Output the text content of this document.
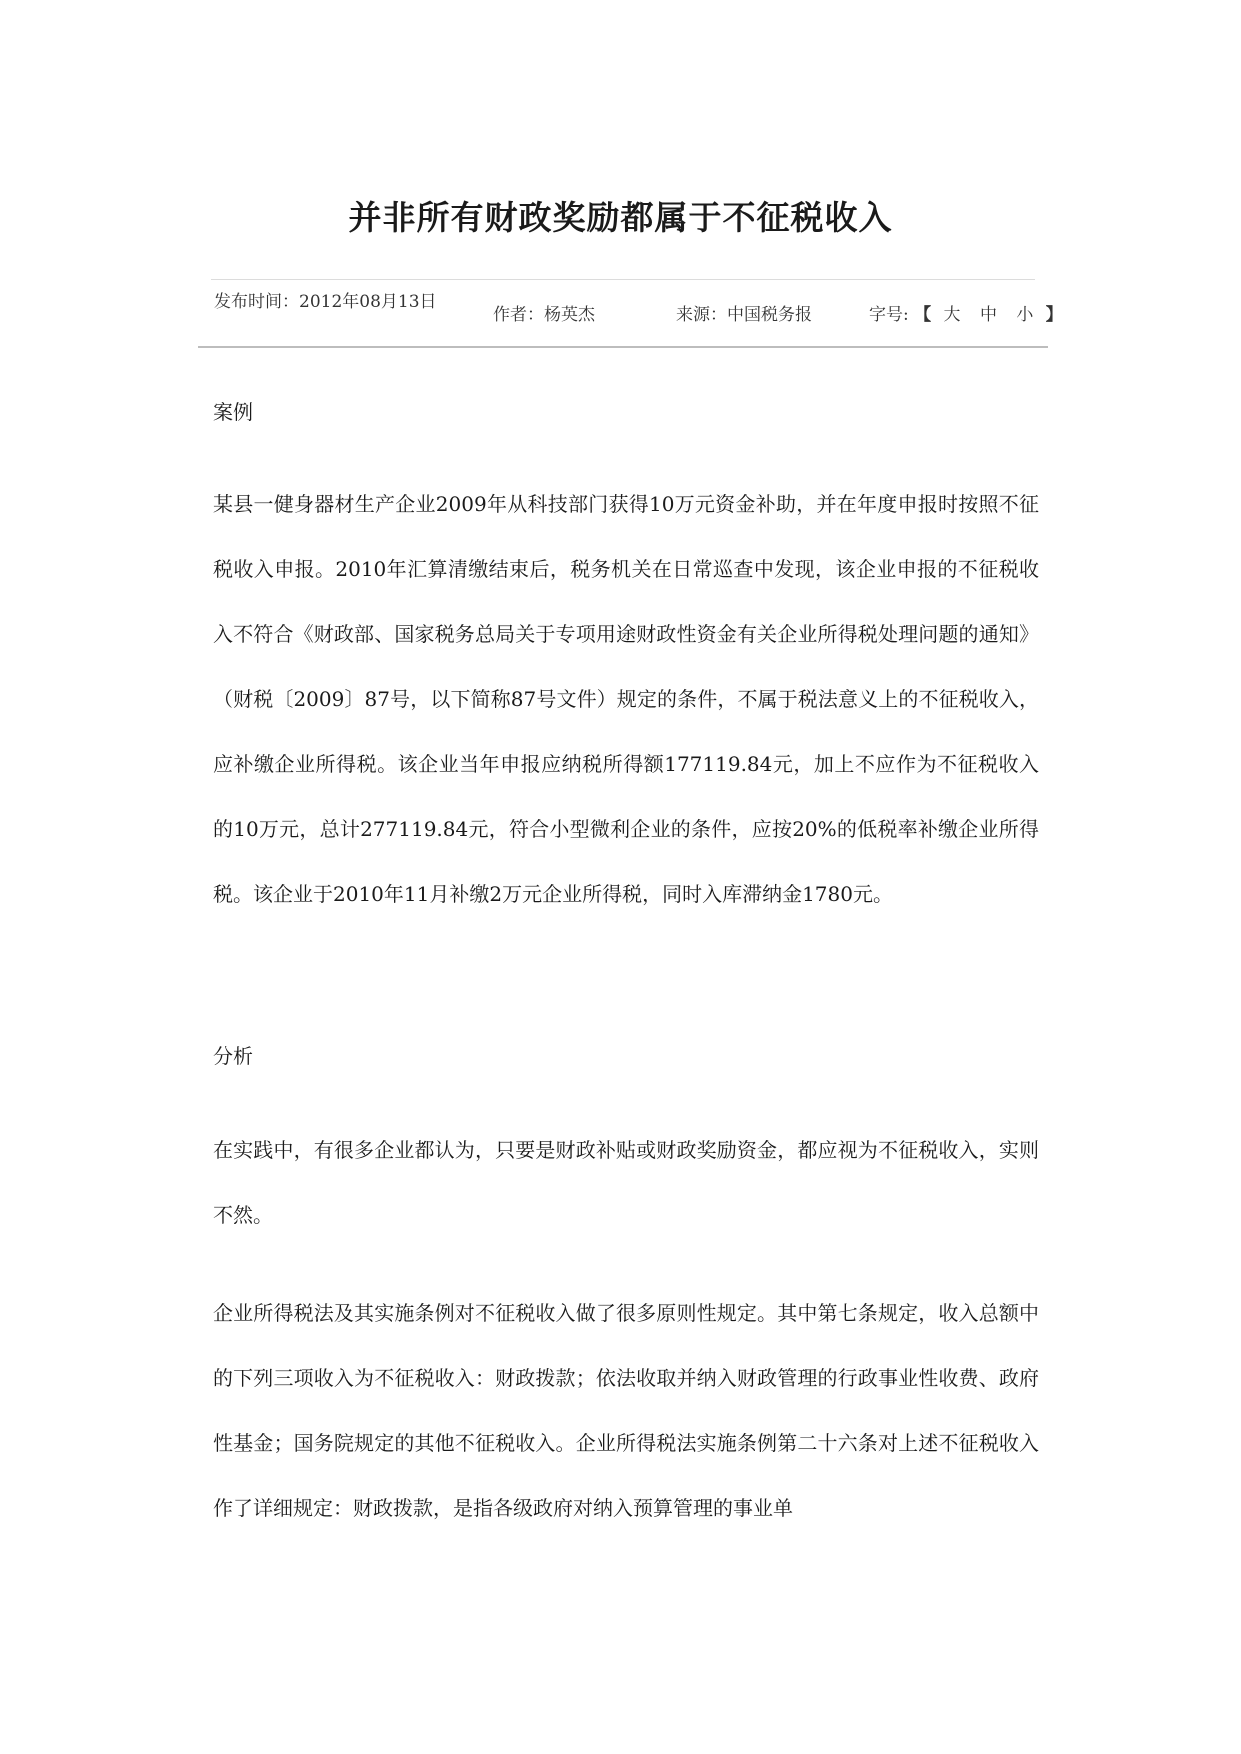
并非所有财政奖励都属于不征税收入
发布时间：2012年08月13日
作者：杨英杰	来源：中国税务报	字号: 【 大 中 小 】
案例
某县一健身器材生产企业2009年从科技部门获得10万元资金补助，并在年度申报时按照不征税收入申报。2010年汇算清缴结束后，税务机关在日常巡查中发现，该企业申报的不征税收入不符合《财政部、国家税务总局关于专项用途财政性资金有关企业所得税处理问题的通知》（财税〔2009〕87号，以下简称87号文件）规定的条件，不属于税法意义上的不征税收入，应补缴企业所得税。该企业当年申报应纳税所得额177119.84元，加上不应作为不征税收入的10万元，总计277119.84元，符合小型微利企业的条件，应按20%的低税率补缴企业所得税。该企业于2010年11月补缴2万元企业所得税，同时入库滞纳金1780元。
分析
在实践中，有很多企业都认为，只要是财政补贴或财政奖励资金，都应视为不征税收入，实则不然。
企业所得税法及其实施条例对不征税收入做了很多原则性规定。其中第七条规定，收入总额中的下列三项收入为不征税收入：财政拨款；依法收取并纳入财政管理的行政事业性收费、政府性基金；国务院规定的其他不征税收入。企业所得税法实施条例第二十六条对上述不征税收入作了详细规定：财政拨款，是指各级政府对纳入预算管理的事业单
